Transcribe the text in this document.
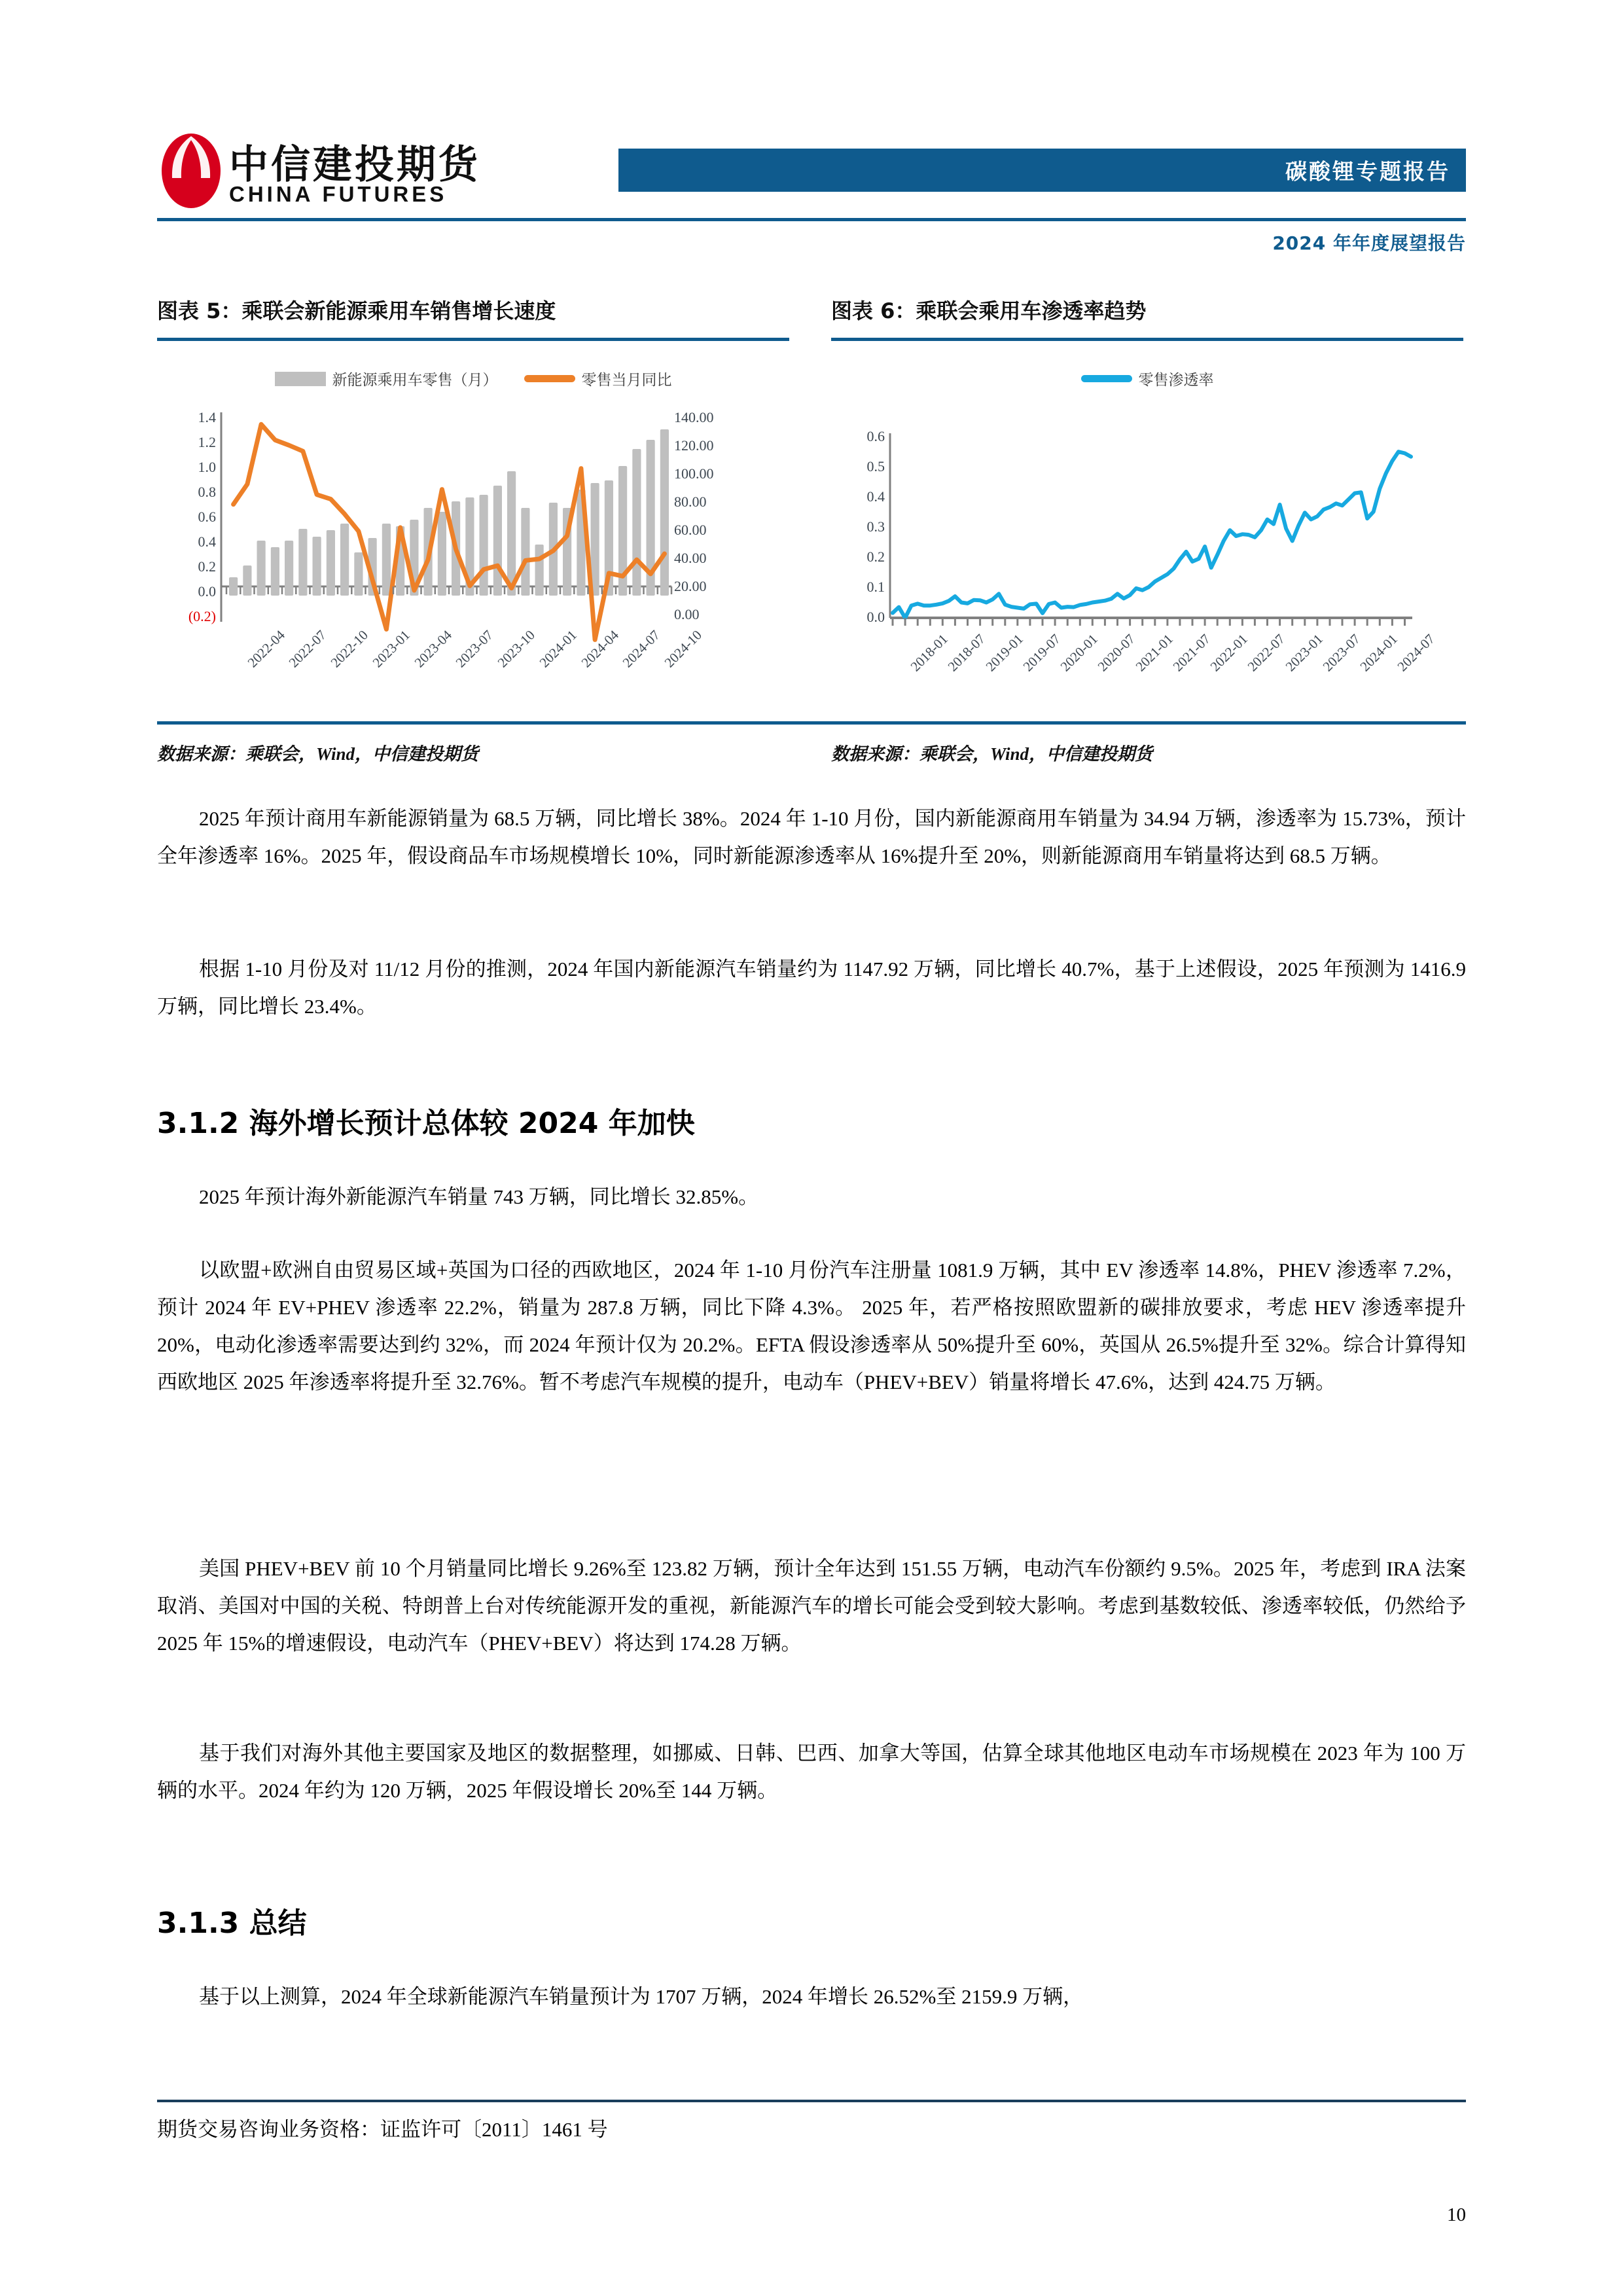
中信建投期货
CHINA FUTURES
碳酸锂专题报告
2024 年年度展望报告
图表 5：乘联会新能源乘用车销售增长速度	图表 6：乘联会乘用车渗透率趋势
新能源乘用车零售（月）	零售当月同比
1.4
1.2
1.0
0.8
0.6
0.4
0.2
0.0
(0.2)
140.00
120.00
100.00
80.00
60.00
40.00
20.00
0.00
2022-04
2022-07
2022-10
2023-01
2023-04
2023-07
2023-10
2024-01
2024-04
2024-07
2024-10
零售渗透率
0.6
0.5
0.4
0.3
0.2
0.1
0.0
2018-01
2018-07
2019-01
2019-07
2020-01
2020-07
2021-01
2021-07
2022-01
2022-07
2023-01
2023-07
2024-01
2024-07
数据来源：乘联会，Wind，中信建投期货	数据来源：乘联会，Wind，中信建投期货
2025 年预计商用车新能源销量为 68.5 万辆，同比增长 38%。2024 年 1-10 月份，国内新能源商用车销量为 34.94 万辆，渗透率为 15.73%，预计全年渗透率 16%。2025 年，假设商品车市场规模增长 10%，同时新能源渗透率从 16%提升至 20%，则新能源商用车销量将达到 68.5 万辆。
根据 1-10 月份及对 11/12 月份的推测，2024 年国内新能源汽车销量约为 1147.92 万辆，同比增长 40.7%，基于上述假设，2025 年预测为 1416.9 万辆，同比增长 23.4%。
3.1.2 海外增长预计总体较 2024 年加快
2025 年预计海外新能源汽车销量 743 万辆，同比增长 32.85%。
以欧盟+欧洲自由贸易区域+英国为口径的西欧地区，2024 年 1-10 月份汽车注册量 1081.9 万辆，其中 EV 渗透率 14.8%，PHEV 渗透率 7.2%，预计 2024 年 EV+PHEV 渗透率 22.2%，销量为 287.8 万辆，同比下降 4.3%。 2025 年，若严格按照欧盟新的碳排放要求，考虑 HEV 渗透率提升 20%，电动化渗透率需要达到约 32%，而 2024 年预计仅为 20.2%。EFTA 假设渗透率从 50%提升至 60%，英国从 26.5%提升至 32%。综合计算得知西欧地区 2025 年渗透率将提升至 32.76%。暂不考虑汽车规模的提升，电动车（PHEV+BEV）销量将增长 47.6%，达到 424.75 万辆。
美国 PHEV+BEV 前 10 个月销量同比增长 9.26%至 123.82 万辆，预计全年达到 151.55 万辆，电动汽车份额约 9.5%。2025 年，考虑到 IRA 法案取消、美国对中国的关税、特朗普上台对传统能源开发的重视，新能源汽车的增长可能会受到较大影响。考虑到基数较低、渗透率较低，仍然给予 2025 年 15%的增速假设，电动汽车（PHEV+BEV）将达到 174.28 万辆。
基于我们对海外其他主要国家及地区的数据整理，如挪威、日韩、巴西、加拿大等国，估算全球其他地区电动车市场规模在 2023 年为 100 万辆的水平。2024 年约为 120 万辆，2025 年假设增长 20%至 144 万辆。
3.1.3 总结
基于以上测算，2024 年全球新能源汽车销量预计为 1707 万辆，2024 年增长 26.52%至 2159.9 万辆，
期货交易咨询业务资格：证监许可〔2011〕1461 号
10
